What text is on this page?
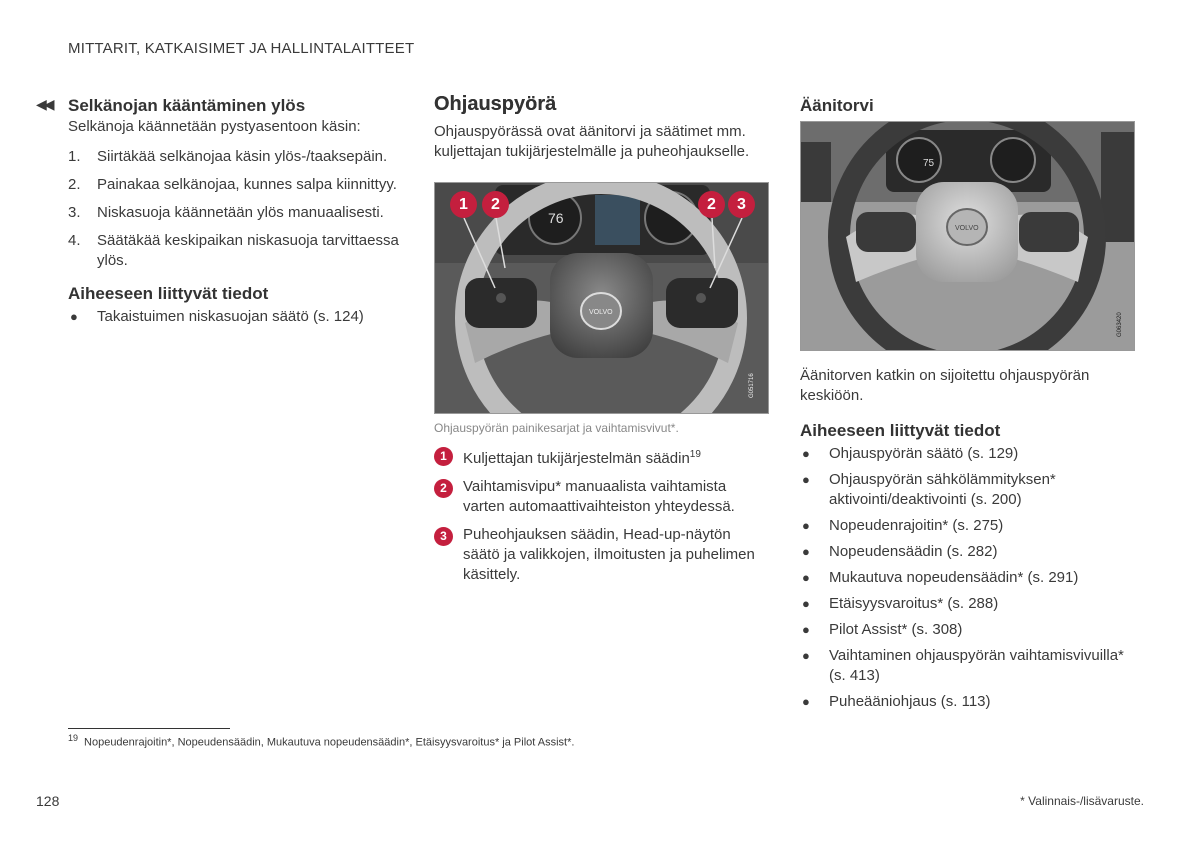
MITTARIT, KATKAISIMET JA HALLINTALAITTEET
◀◀ Selkänojan kääntäminen ylös

Selkänoja käännetään pystyasentoon käsin:

1. Siirtäkää selkänojaa käsin ylös-/taaksepäin.
2. Painakaa selkänojaa, kunnes salpa kiinnittyy.
3. Niskasuoja käännetään ylös manuaalisesti.
4. Säätäkää keskipaikan niskasuoja tarvittaessa ylös.
Aiheeseen liittyvät tiedot
● Takaistuimen niskasuojan säätö (s. 124)
Ohjauspyörä

Ohjauspyörässä ovat äänitorvi ja säätimet mm. kuljettajan tukijärjestelmälle ja puheohjaukselle.

76
VOLVO
G051716
1	2	2	3
Ohjauspyörän painikesarjat ja vaihtamisvivut*.
1	Kuljettajan tukijärjestelmän säädin$^{19}$
2	Vaihtamisvipu* manuaalista vaihtamista varten automaattivaihteiston yhteydessä.
3	Puheohjauksen säädin, Head-up-näytön säätö ja valikkojen, ilmoitusten ja puhelimen käsittely.
Äänitorvi
75
VOLVO
G063420

Äänitorven katkin on sijoitettu ohjauspyörän keskiöön.

Aiheeseen liittyvät tiedot
● Ohjauspyörän säätö (s. 129)
● Ohjauspyörän sähkölämmityksen* aktivointi/deaktivointi (s. 200)
● Nopeudenrajoitin* (s. 275)
● Nopeudensäädin (s. 282)
● Mukautuva nopeudensäädin* (s. 291)
● Etäisyysvaroitus* (s. 288)
● Pilot Assist* (s. 308)
● Vaihtaminen ohjauspyörän vaihtamisvivuilla* (s. 413)
● Puheääniohjaus (s. 113)
$^{19}$ Nopeudenrajoitin*, Nopeudensäädin, Mukautuva nopeudensäädin*, Etäisyysvaroitus* ja Pilot Assist*.
128	* Valinnais-/lisävaruste.
